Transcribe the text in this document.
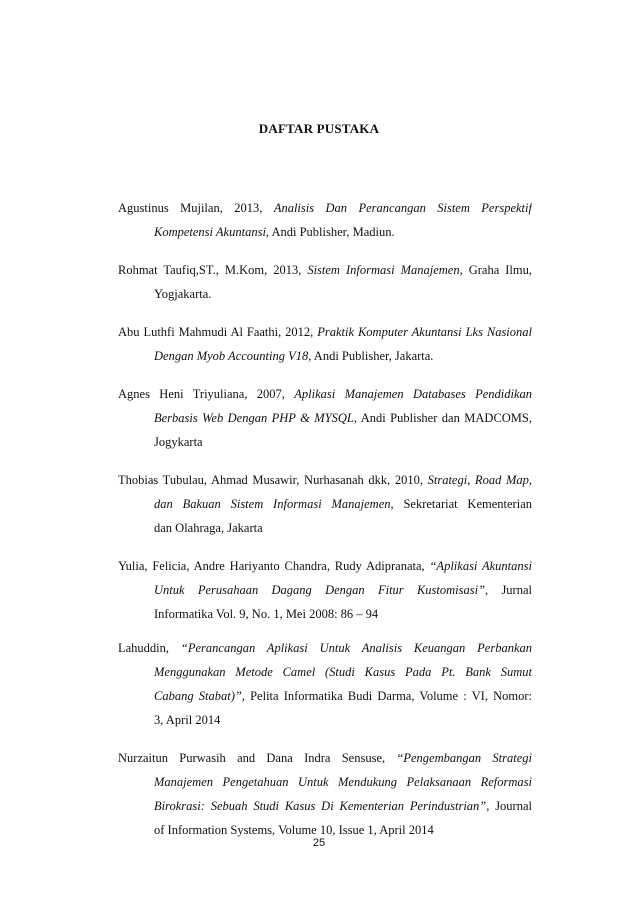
DAFTAR PUSTAKA
Agustinus Mujilan, 2013, Analisis Dan Perancangan Sistem Perspektif
Kompetensi Akuntansi, Andi Publisher, Madiun.
Rohmat Taufiq,ST., M.Kom, 2013, Sistem Informasi Manajemen, Graha Ilmu,
Yogjakarta.
Abu Luthfi Mahmudi Al Faathi, 2012, Praktik Komputer Akuntansi Lks Nasional
Dengan Myob Accounting V18, Andi Publisher, Jakarta.
Agnes Heni Triyuliana, 2007, Aplikasi Manajemen Databases Pendidikan
Berbasis Web Dengan PHP & MYSQL, Andi Publisher dan MADCOMS,
Jogykarta
Thobias Tubulau, Ahmad Musawir, Nurhasanah dkk, 2010, Strategi, Road Map,
dan Bakuan Sistem Informasi Manajemen, Sekretariat Kementerian
dan Olahraga, Jakarta
Yulia, Felicia, Andre Hariyanto Chandra, Rudy Adipranata, “Aplikasi Akuntansi
Untuk Perusahaan Dagang Dengan Fitur Kustomisasi”, Jurnal
Informatika Vol. 9, No. 1, Mei 2008: 86 – 94
Lahuddin, “Perancangan Aplikasi Untuk Analisis Keuangan Perbankan
Menggunakan Metode Camel (Studi Kasus Pada Pt. Bank Sumut
Cabang Stabat)”, Pelita Informatika Budi Darma, Volume : VI, Nomor:
3, April 2014
Nurzaitun Purwasih and Dana Indra Sensuse, “Pengembangan Strategi
Manajemen Pengetahuan Untuk Mendukung Pelaksanaan Reformasi
Birokrasi: Sebuah Studi Kasus Di Kementerian Perindustrian”, Journal
of Information Systems, Volume 10, Issue 1, April 2014
25
